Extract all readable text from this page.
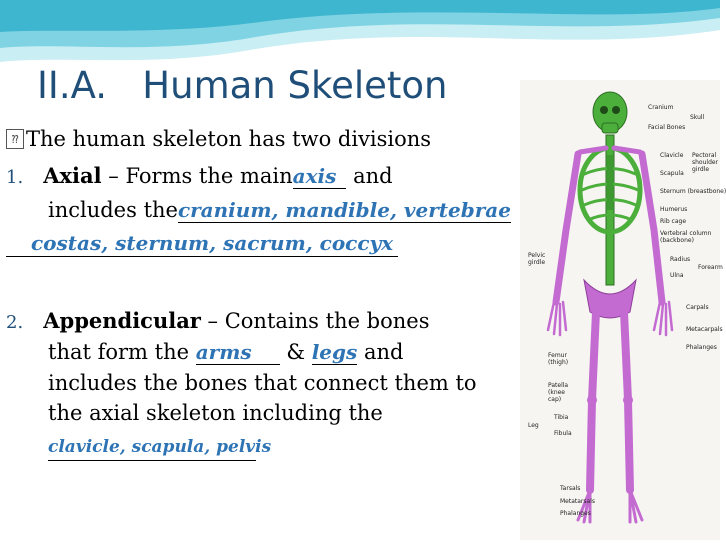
II.A.   Human Skeleton
⁇ The human skeleton has two divisions
1. Axial – Forms the mainaxis and
includes thecranium, mandible, vertebrae
costas, sternum, sacrum, coccyx
2. Appendicular – Contains the bones
that form the arms & legs and
includes the bones that connect them to
the axial skeleton including the
clavicle, scapula, pelvis
Cranium
Facial Bones
Skull
Clavicle
Scapula
Pectoral shoulder girdle
Sternum (breastbone)
Humerus
Rib cage
Vertebral column (backbone)
Radius
Ulna
Forearm
Carpals
Metacarpals
Phalanges
Pelvic girdle
Femur (thigh)
Patella (knee cap)
Tibia
Fibula
Leg
Tarsals
Metatarsals
Phalanges
